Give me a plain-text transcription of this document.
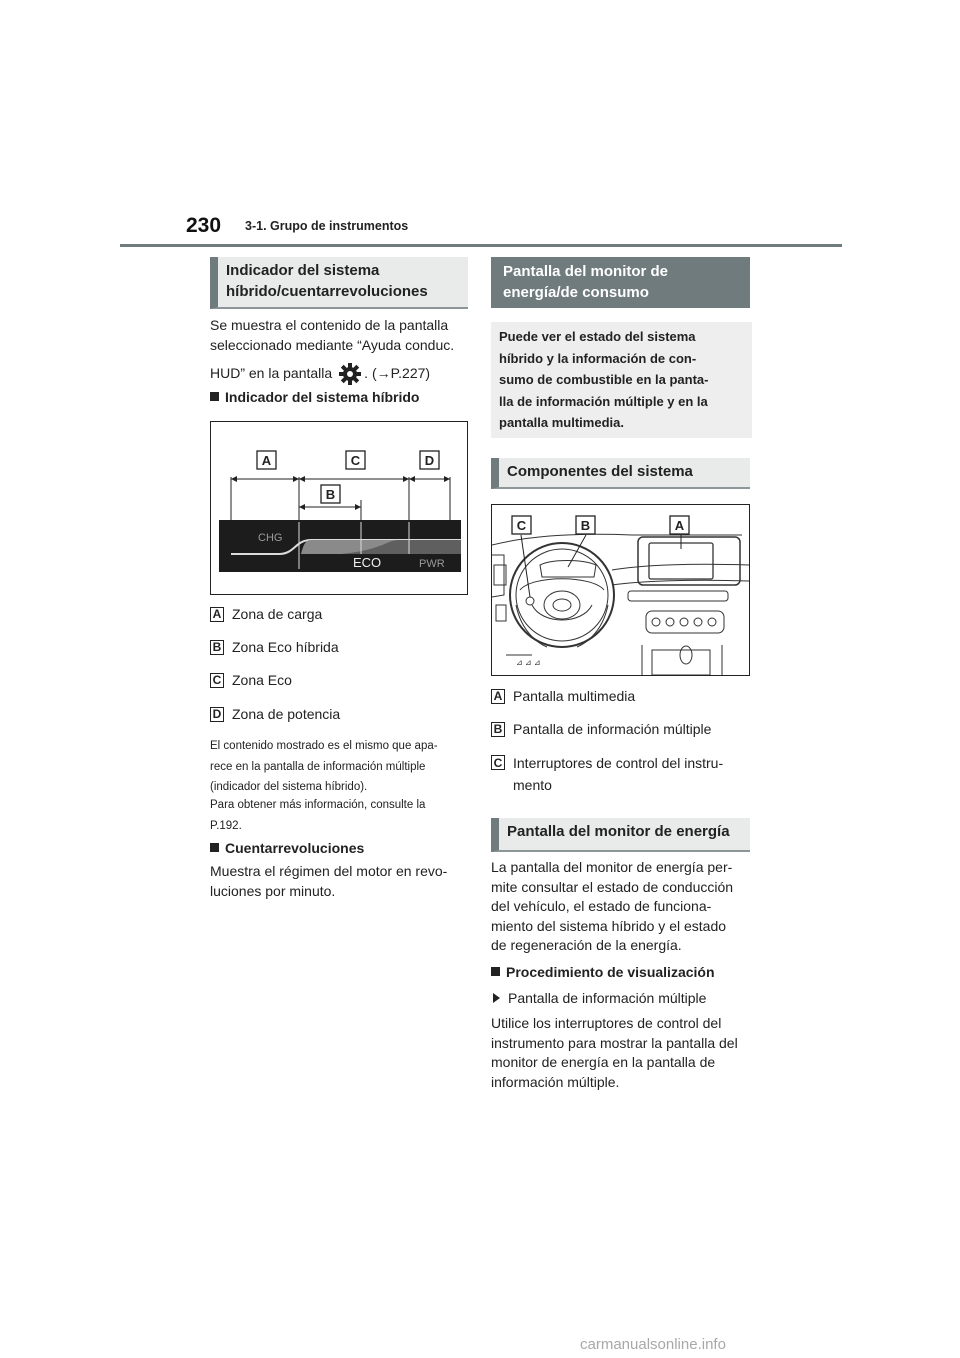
230 3-1. Grupo de instrumentos
Indicador del sistema híbrido/cuentarrevoluciones
Se muestra el contenido de la pantalla
seleccionado mediante “Ayuda conduc.
HUD” en la pantalla . (→P.227)
Indicador del sistema híbrido
A	C	D
B
CHG
ECO	PWR
A Zona de carga
B Zona Eco híbrida
C Zona Eco
D Zona de potencia
El contenido mostrado es el mismo que apa-
rece en la pantalla de información múltiple
(indicador del sistema híbrido).
Para obtener más información, consulte la
P.192.
Cuentarrevoluciones
Muestra el régimen del motor en revo-
luciones por minuto.
Pantalla del monitor de energía/de consumo
Puede ver el estado del sistema
híbrido y la información de con-
sumo de combustible en la panta-
lla de información múltiple y en la
pantalla multimedia.
Componentes del sistema
⊿ ⊿ ⊿
C	B	A
A Pantalla multimedia
B Pantalla de información múltiple
C Interruptores de control del instru-
mento
Pantalla del monitor de energía
La pantalla del monitor de energía per-
mite consultar el estado de conducción
del vehículo, el estado de funciona-
miento del sistema híbrido y el estado
de regeneración de la energía.
Procedimiento de visualización
Pantalla de información múltiple
Utilice los interruptores de control del
instrumento para mostrar la pantalla del
monitor de energía en la pantalla de
información múltiple.
carmanualsonline.info
